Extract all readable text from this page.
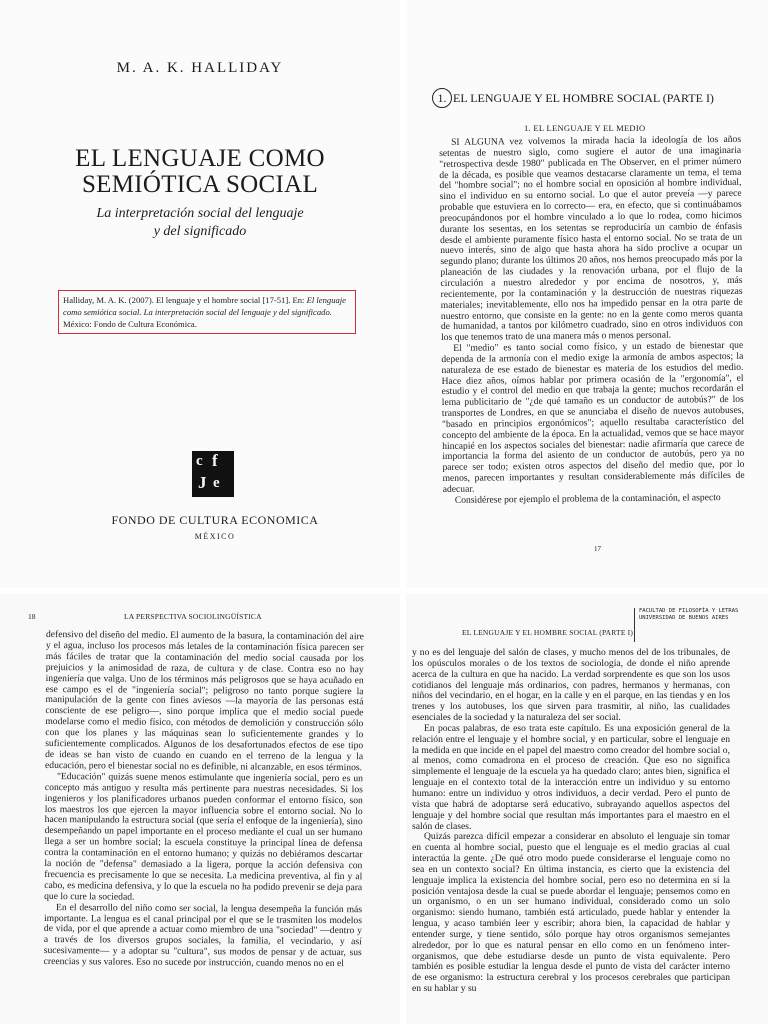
M. A. K. HALLIDAY
EL LENGUAJE COMO
SEMIÓTICA SOCIAL
La interpretación social del lenguaje
y del significado
Halliday, M. A. K. (2007). El lenguaje y el hombre social [17-51]. En: El lenguaje como semiótica social. La interpretación social del lenguaje y del significado. México: Fondo de Cultura Económica.
c f
J e
FONDO DE CULTURA ECONOMICA
MÉXICO
1. EL LENGUAJE Y EL HOMBRE SOCIAL (PARTE I)
1. EL LENGUAJE Y EL MEDIO

SI ALGUNA vez volvemos la mirada hacia la ideología de los años setentas de nuestro siglo, como sugiere el autor de una imaginaria "retrospectiva desde 1980" publicada en The Observer, en el primer número de la década, es posible que veamos destacarse claramente un tema, el tema del "hombre social"; no el hombre social en oposición al hombre individual, sino el individuo en su entorno social. Lo que el autor preveía —y parece probable que estuviera en lo correcto— era, en efecto, que si continuábamos preocupándonos por el hombre vinculado a lo que lo rodea, como hicimos durante los sesentas, en los setentas se reproduciría un cambio de énfasis desde el ambiente puramente físico hasta el entorno social. No se trata de un nuevo interés, sino de algo que hasta ahora ha sido proclive a ocupar un segundo plano; durante los últimos 20 años, nos hemos preocupado más por la planeación de las ciudades y la renovación urbana, por el flujo de la circulación a nuestro alrededor y por encima de nosotros, y, más recientemente, por la contaminación y la destrucción de nuestras riquezas materiales; inevitablemente, ello nos ha impedido pensar en la otra parte de nuestro entorno, que consiste en la gente: no en la gente como meros quanta de humanidad, a tantos por kilómetro cuadrado, sino en otros individuos con los que tenemos trato de una manera más o menos personal.

El "medio" es tanto social como físico, y un estado de bienestar que dependa de la armonía con el medio exige la armonía de ambos aspectos; la naturaleza de ese estado de bienestar es materia de los estudios del medio. Hace diez años, oímos hablar por primera ocasión de la "ergonomía", el estudio y el control del medio en que trabaja la gente; muchos recordarán el lema publicitario de "¿de qué tamaño es un conductor de autobús?" de los transportes de Londres, en que se anunciaba el diseño de nuevos autobuses, "basado en principios ergonómicos"; aquello resultaba característico del concepto del ambiente de la época. En la actualidad, vemos que se hace mayor hincapié en los aspectos sociales del bienestar: nadie afirmaría que carece de importancia la forma del asiento de un conductor de autobús, pero ya no parece ser todo; existen otros aspectos del diseño del medio que, por lo menos, parecen importantes y resultan considerablemente más difíciles de adecuar.

Considérese por ejemplo el problema de la contaminación, el aspecto

17
18	LA PERSPECTIVA SOCIOLINGÜÍSTICA

defensivo del diseño del medio. El aumento de la basura, la contaminación del aire y el agua, incluso los procesos más letales de la contaminación física parecen ser más fáciles de tratar que la contaminación del medio social causada por los prejuicios y la animosidad de raza, de cultura y de clase. Contra eso no hay ingeniería que valga. Uno de los términos más peligrosos que se haya acuñado en ese campo es el de "ingeniería social"; peligroso no tanto porque sugiere la manipulación de la gente con fines aviesos —la mayoría de las personas está consciente de ese peligro—, sino porque implica que el medio social puede modelarse como el medio físico, con métodos de demolición y construcción sólo con que los planes y las máquinas sean lo suficientemente grandes y lo suficientemente complicados. Algunos de los desafortunados efectos de ese tipo de ideas se han visto de cuando en cuando en el terreno de la lengua y la educación, pero el bienestar social no es definible, ni alcanzable, en esos términos.

"Educación" quizás suene menos estimulante que ingeniería social, pero es un concepto más antiguo y resulta más pertinente para nuestras necesidades. Si los ingenieros y los planificadores urbanos pueden conformar el entorno físico, son los maestros los que ejercen la mayor influencia sobre el entorno social. No lo hacen manipulando la estructura social (que sería el enfoque de la ingeniería), sino desempeñando un papel importante en el proceso mediante el cual un ser humano llega a ser un hombre social; la escuela constituye la principal línea de defensa contra la contaminación en el entorno humano; y quizás no debiéramos descartar la noción de "defensa" demasiado a la ligera, porque la acción defensiva con frecuencia es precisamente lo que se necesita. La medicina preventiva, al fin y al cabo, es medicina defensiva, y lo que la escuela no ha podido prevenir se deja para que lo cure la sociedad.

En el desarrollo del niño como ser social, la lengua desempeña la función más importante. La lengua es el canal principal por el que se le trasmiten los modelos de vida, por el que aprende a actuar como miembro de una "sociedad" —dentro y a través de los diversos grupos sociales, la familia, el vecindario, y así sucesivamente— y a adoptar su "cultura", sus modos de pensar y de actuar, sus creencias y sus valores. Eso no sucede por instrucción, cuando menos no en el

FACULTAD DE FILOSOFÍA Y LETRAS
UNIVERSIDAD DE BUENOS AIRES
EL LENGUAJE Y EL HOMBRE SOCIAL (PARTE I)

y no es del lenguaje del salón de clases, y mucho menos del de los tribunales, de los opúsculos morales o de los textos de sociología, de donde el niño aprende acerca de la cultura en que ha nacido. La verdad sorprendente es que son los usos cotidianos del lenguaje más ordinarios, con padres, hermanos y hermanas, con niños del vecindario, en el hogar, en la calle y en el parque, en las tiendas y en los trenes y los autobuses, los que sirven para trasmitir, al niño, las cualidades esenciales de la sociedad y la naturaleza del ser social.

En pocas palabras, de eso trata este capítulo. Es una exposición general de la relación entre el lenguaje y el hombre social, y en particular, sobre el lenguaje en la medida en que incide en el papel del maestro como creador del hombre social o, al menos, como comadrona en el proceso de creación. Que eso no significa simplemente el lenguaje de la escuela ya ha quedado claro; antes bien, significa el lenguaje en el contexto total de la interacción entre un individuo y su entorno humano: entre un individuo y otros individuos, a decir verdad. Pero el punto de vista que habrá de adoptarse será educativo, subrayando aquellos aspectos del lenguaje y del hombre social que resultan más importantes para el maestro en el salón de clases.

Quizás parezca difícil empezar a considerar en absoluto el lenguaje sin tomar en cuenta al hombre social, puesto que el lenguaje es el medio gracias al cual interactúa la gente. ¿De qué otro modo puede considerarse el lenguaje como no sea en un contexto social? En última instancia, es cierto que la existencia del lenguaje implica la existencia del hombre social, pero eso no determina en sí la posición ventajosa desde la cual se puede abordar el lenguaje; pensemos como en un organismo, o en un ser humano individual, considerado como un solo organismo: siendo humano, también está articulado, puede hablar y entender la lengua, y acaso también leer y escribir; ahora bien, la capacidad de hablar y entender surge, y tiene sentido, sólo porque hay otros organismos semejantes alrededor, por lo que es natural pensar en ello como en un fenómeno inter-organismos, que debe estudiarse desde un punto de vista equivalente. Pero también es posible estudiar la lengua desde el punto de vista del carácter interno de ese organismo: la estructura cerebral y los procesos cerebrales que participan en su hablar y su
